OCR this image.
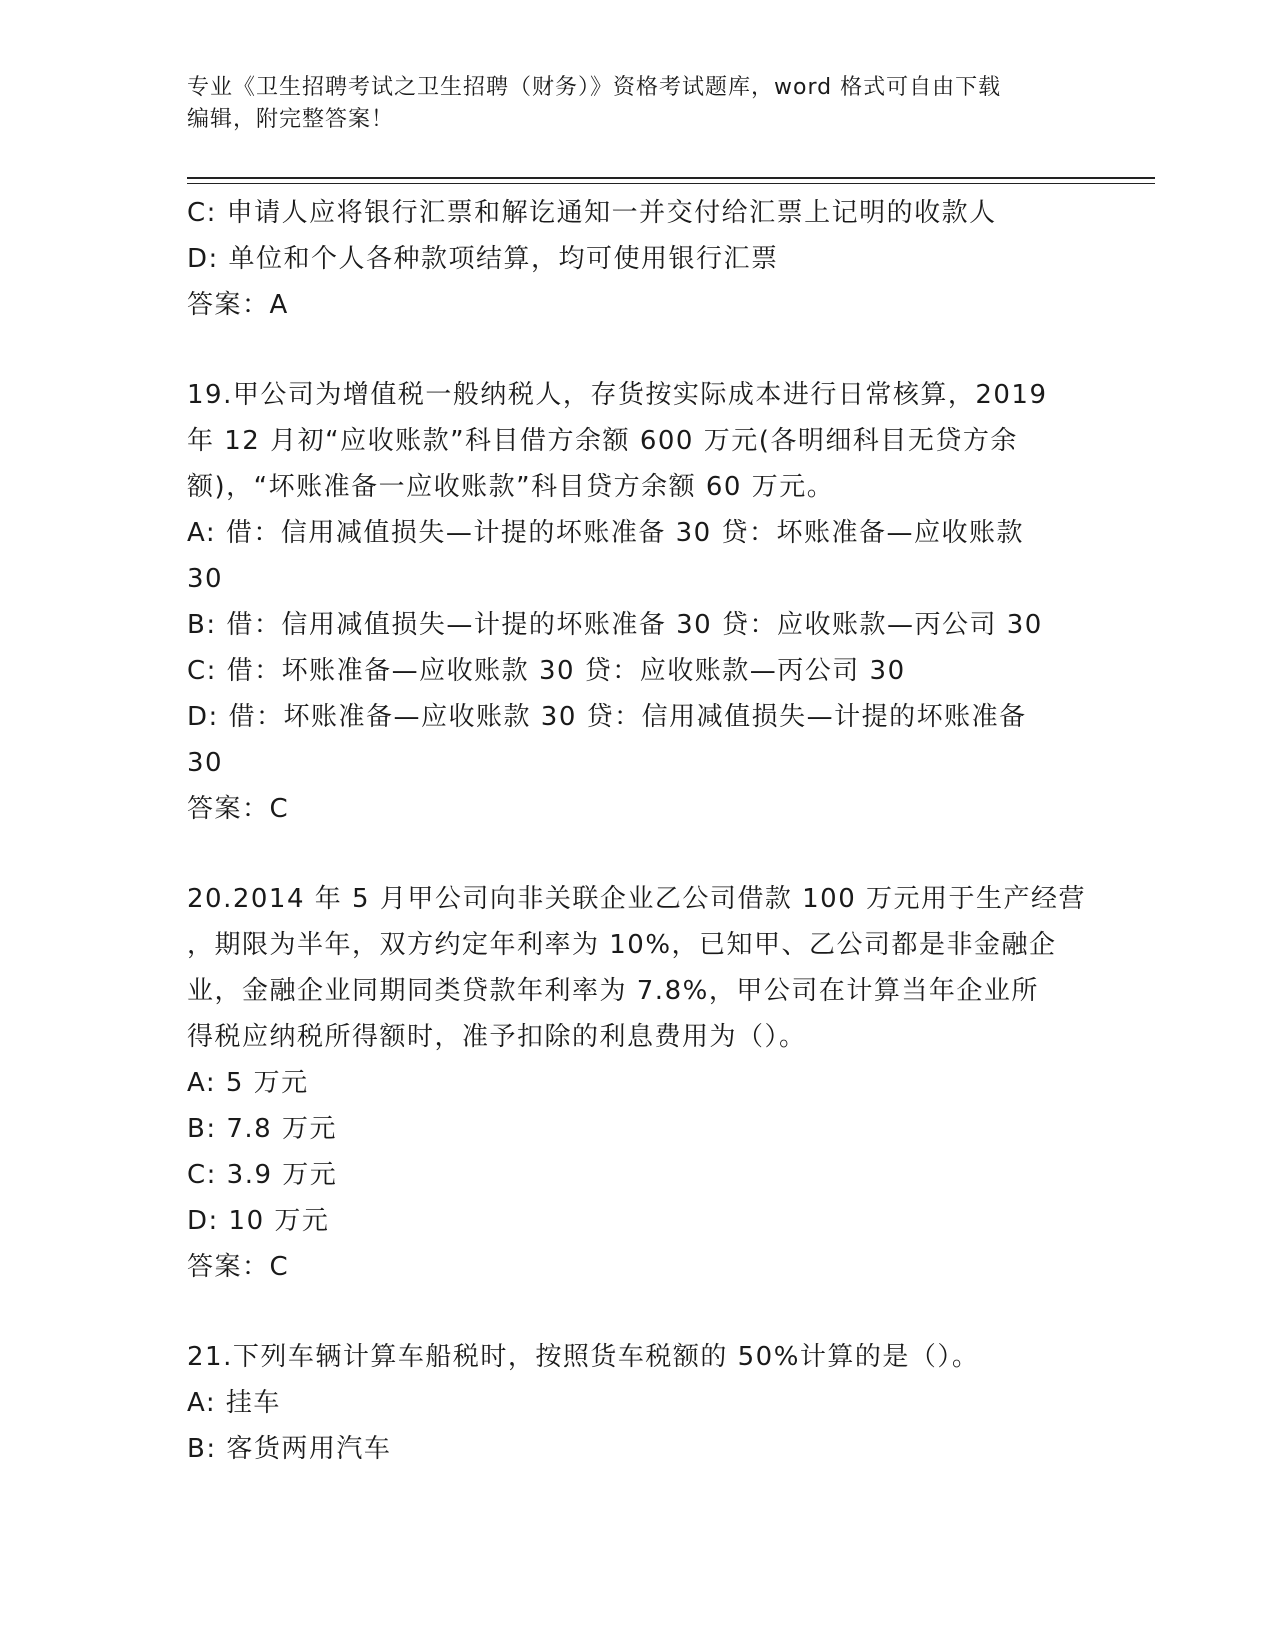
专业《卫生招聘考试之卫生招聘（财务）》资格考试题库，word 格式可自由下载
编辑，附完整答案！
C: 申请人应将银行汇票和解讫通知一并交付给汇票上记明的收款人
D: 单位和个人各种款项结算，均可使用银行汇票
答案：A
19.甲公司为增值税一般纳税人，存货按实际成本进行日常核算，2019
年 12 月初“应收账款”科目借方余额 600 万元(各明细科目无贷方余
额)，“坏账准备一应收账款”科目贷方余额 60 万元。
A: 借：信用减值损失—计提的坏账准备 30 贷：坏账准备—应收账款
30
B: 借：信用减值损失—计提的坏账准备 30 贷：应收账款—丙公司 30
C: 借：坏账准备—应收账款 30 贷：应收账款—丙公司 30
D: 借：坏账准备—应收账款 30 贷：信用减值损失—计提的坏账准备
30
答案：C
20.2014 年 5 月甲公司向非关联企业乙公司借款 100 万元用于生产经营
，期限为半年，双方约定年利率为 10%，已知甲、乙公司都是非金融企
业，金融企业同期同类贷款年利率为 7.8%，甲公司在计算当年企业所
得税应纳税所得额时，准予扣除的利息费用为（）。
A: 5 万元
B: 7.8 万元
C: 3.9 万元
D: 10 万元
答案：C
21.下列车辆计算车船税时，按照货车税额的 50%计算的是（）。
A: 挂车
B: 客货两用汽车
